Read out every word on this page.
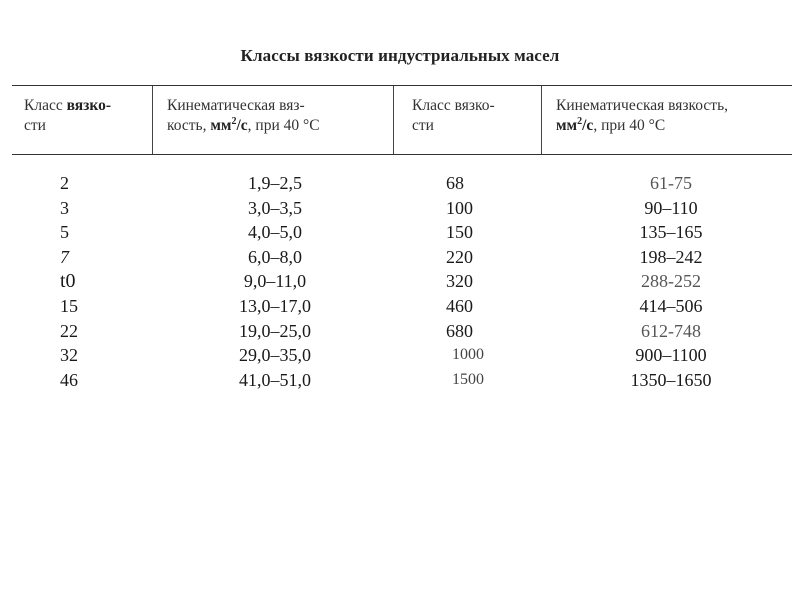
Классы вязкости индустриальных масел
Класс вязко-
сти
Кинематическая вяз-
кость, $мм^2/с$, при 40 °С
Класс вязко-
сти
Кинематическая вязкость,
$мм^2/с$, при 40 °С
2
3
5
7
t0
15
22
32
46
1,9–2,5
3,0–3,5
4,0–5,0
6,0–8,0
9,0–11,0
13,0–17,0
19,0–25,0
29,0–35,0
41,0–51,0
68
100
150
220
320
460
680
1000
1500
61-75
90–110
135–165
198–242
288-252
414–506
612-748
900–1100
1350–1650
